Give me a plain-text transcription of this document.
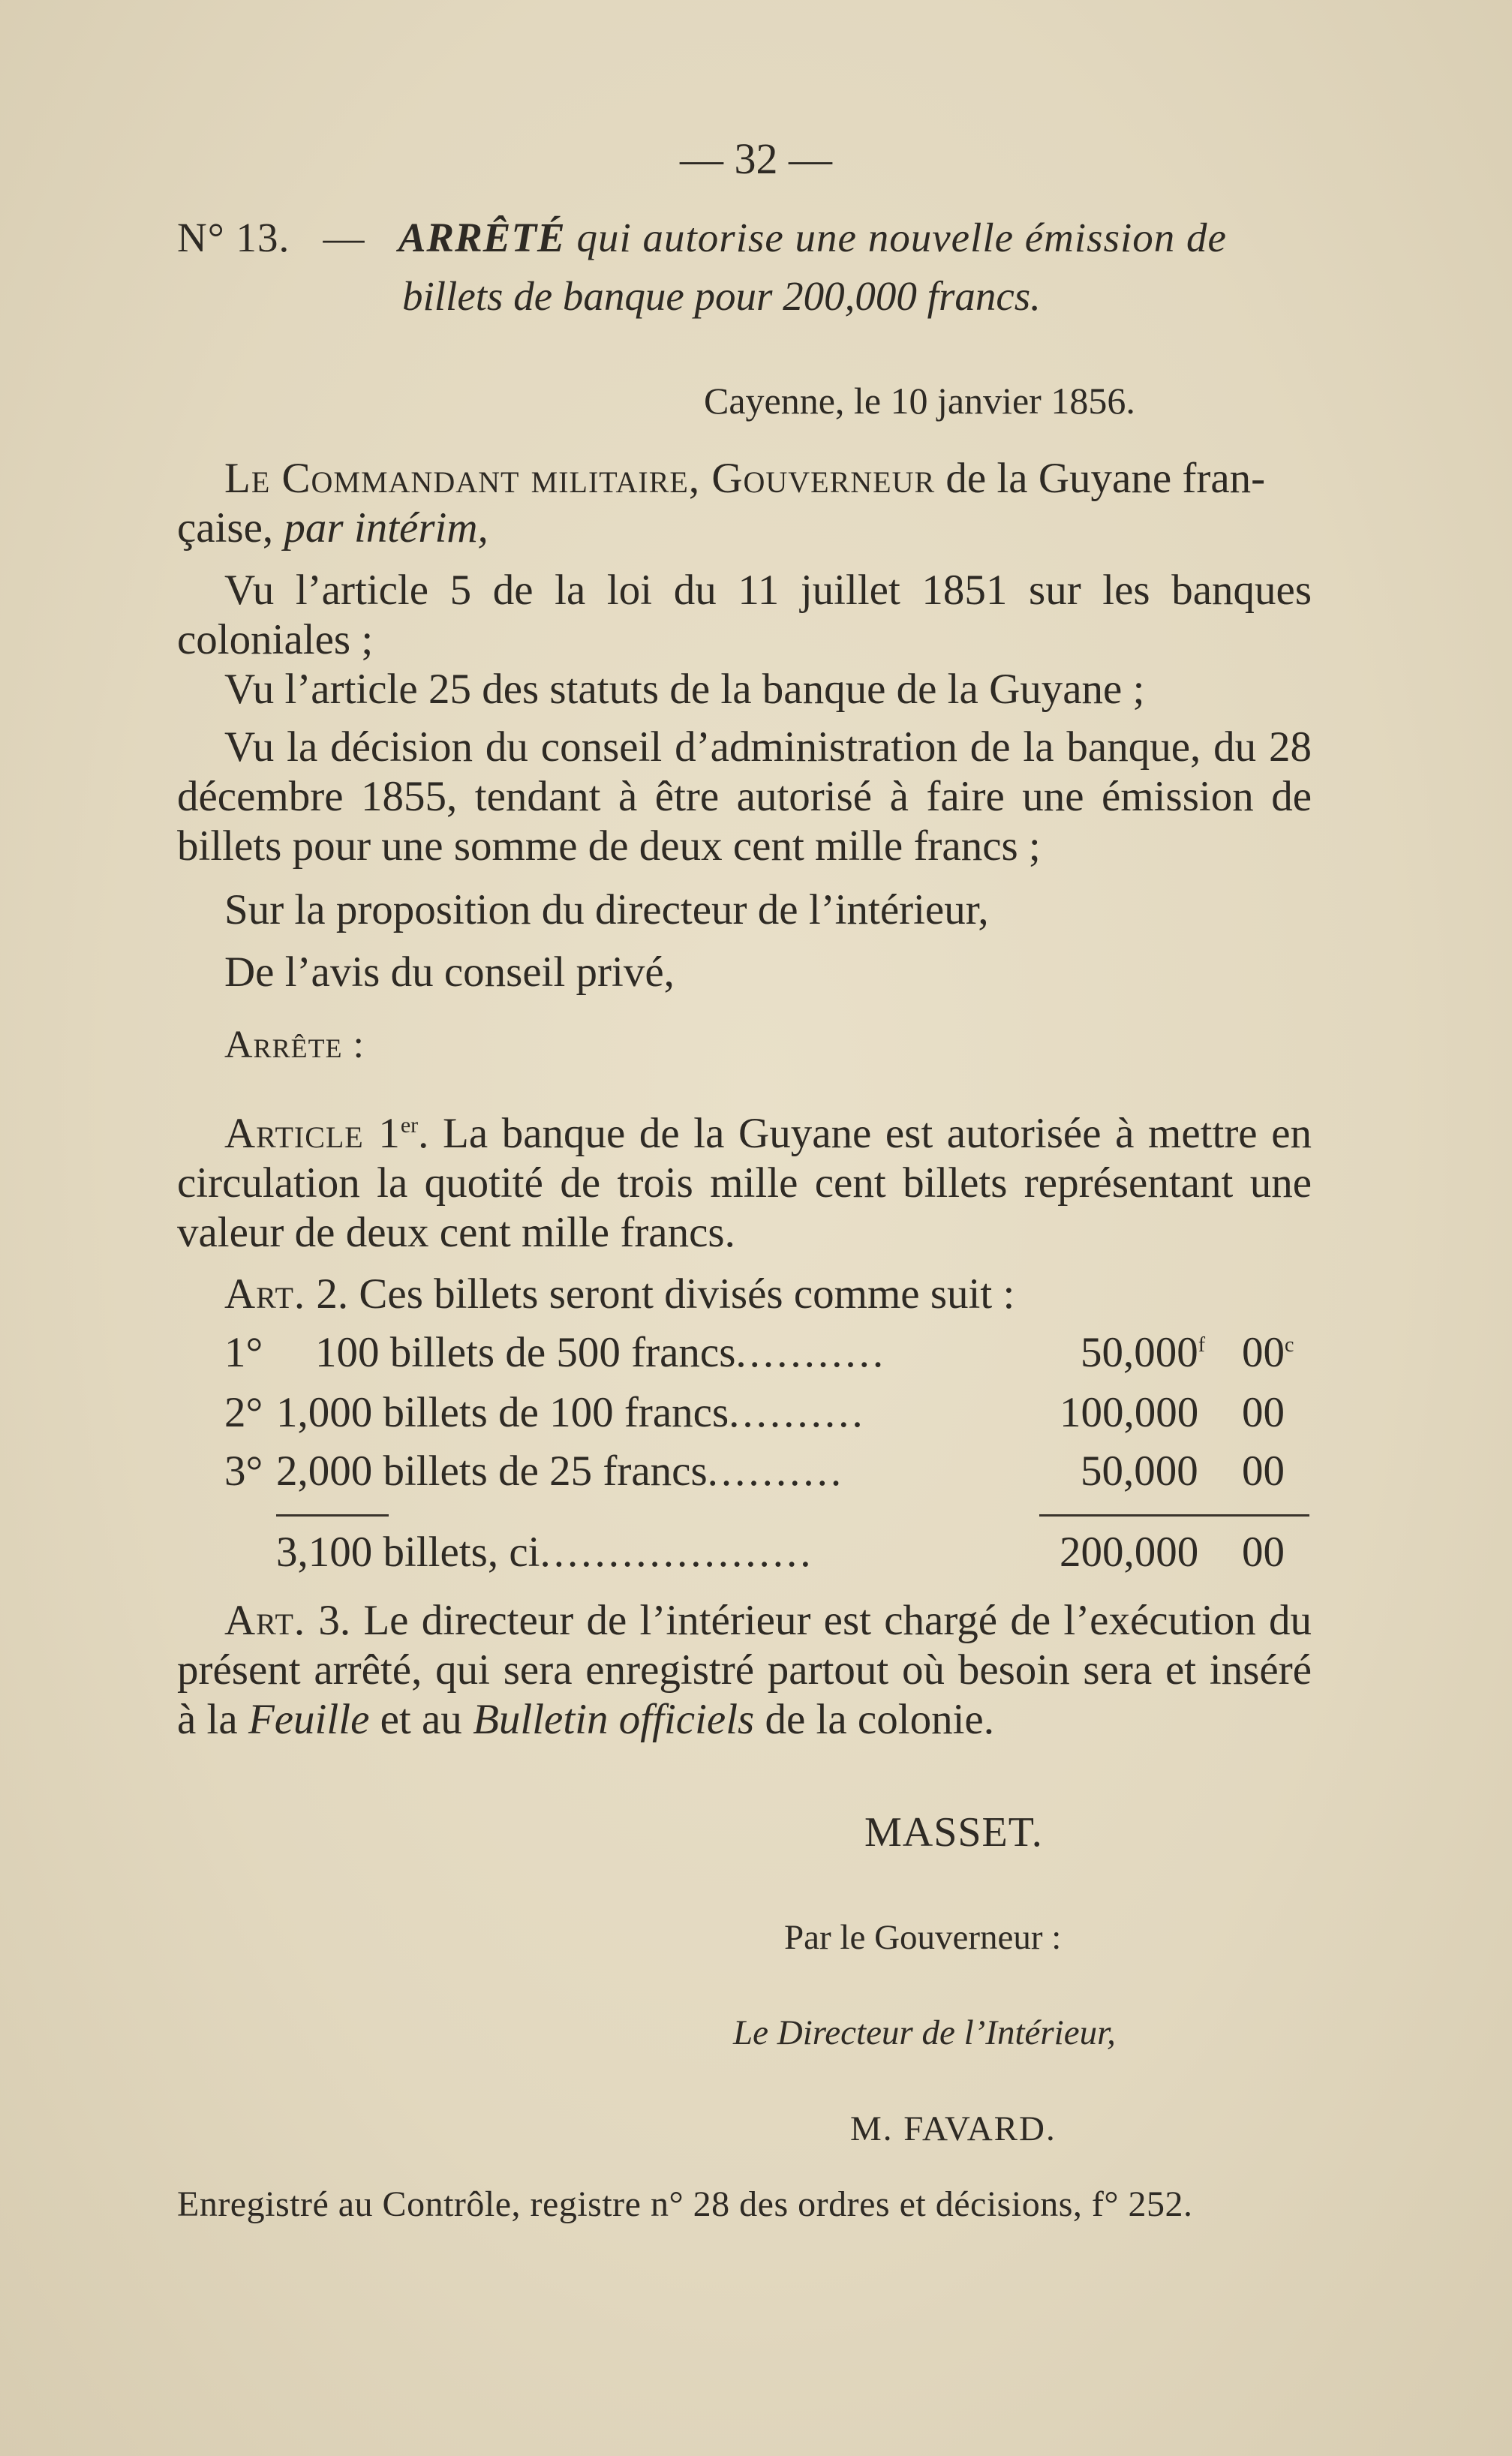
— 32 —
N° 13. — ARRÊTÉ qui autorise une nouvelle émission de
billets de banque pour 200,000 francs.
Cayenne, le 10 janvier 1856.
Le Commandant militaire, Gouverneur de la Guyane fran-
çaise, par intérim,
Vu l’article 5 de la loi du 11 juillet 1851 sur les banques coloniales ;
Vu l’article 25 des statuts de la banque de la Guyane ;
Vu la décision du conseil d’administration de la banque, du 28 décembre 1855, tendant à être autorisé à faire une émission de billets pour une somme de deux cent mille francs ;
Sur la proposition du directeur de l’intérieur,
De l’avis du conseil privé,
Arrête :
Article 1er. La banque de la Guyane est autorisée à mettre en circulation la quotité de trois mille cent billets représentant une valeur de deux cent mille francs.
Art. 2. Ces billets seront divisés comme suit :
1° 100 billets de 500 francs...........	50,000$^f$ 00$^c$
2° 1,000 billets de 100 francs..........	100,000 00
3° 2,000 billets de 25 francs..........	50,000 00
3,100 billets, ci....................	200,000 00
Art. 3. Le directeur de l’intérieur est chargé de l’exécution du présent arrêté, qui sera enregistré partout où besoin sera et inséré à la Feuille et au Bulletin officiels de la colonie.
MASSET.
Par le Gouverneur :
Le Directeur de l’Intérieur,
M. FAVARD.
Enregistré au Contrôle, registre n° 28 des ordres et décisions, f° 252.
